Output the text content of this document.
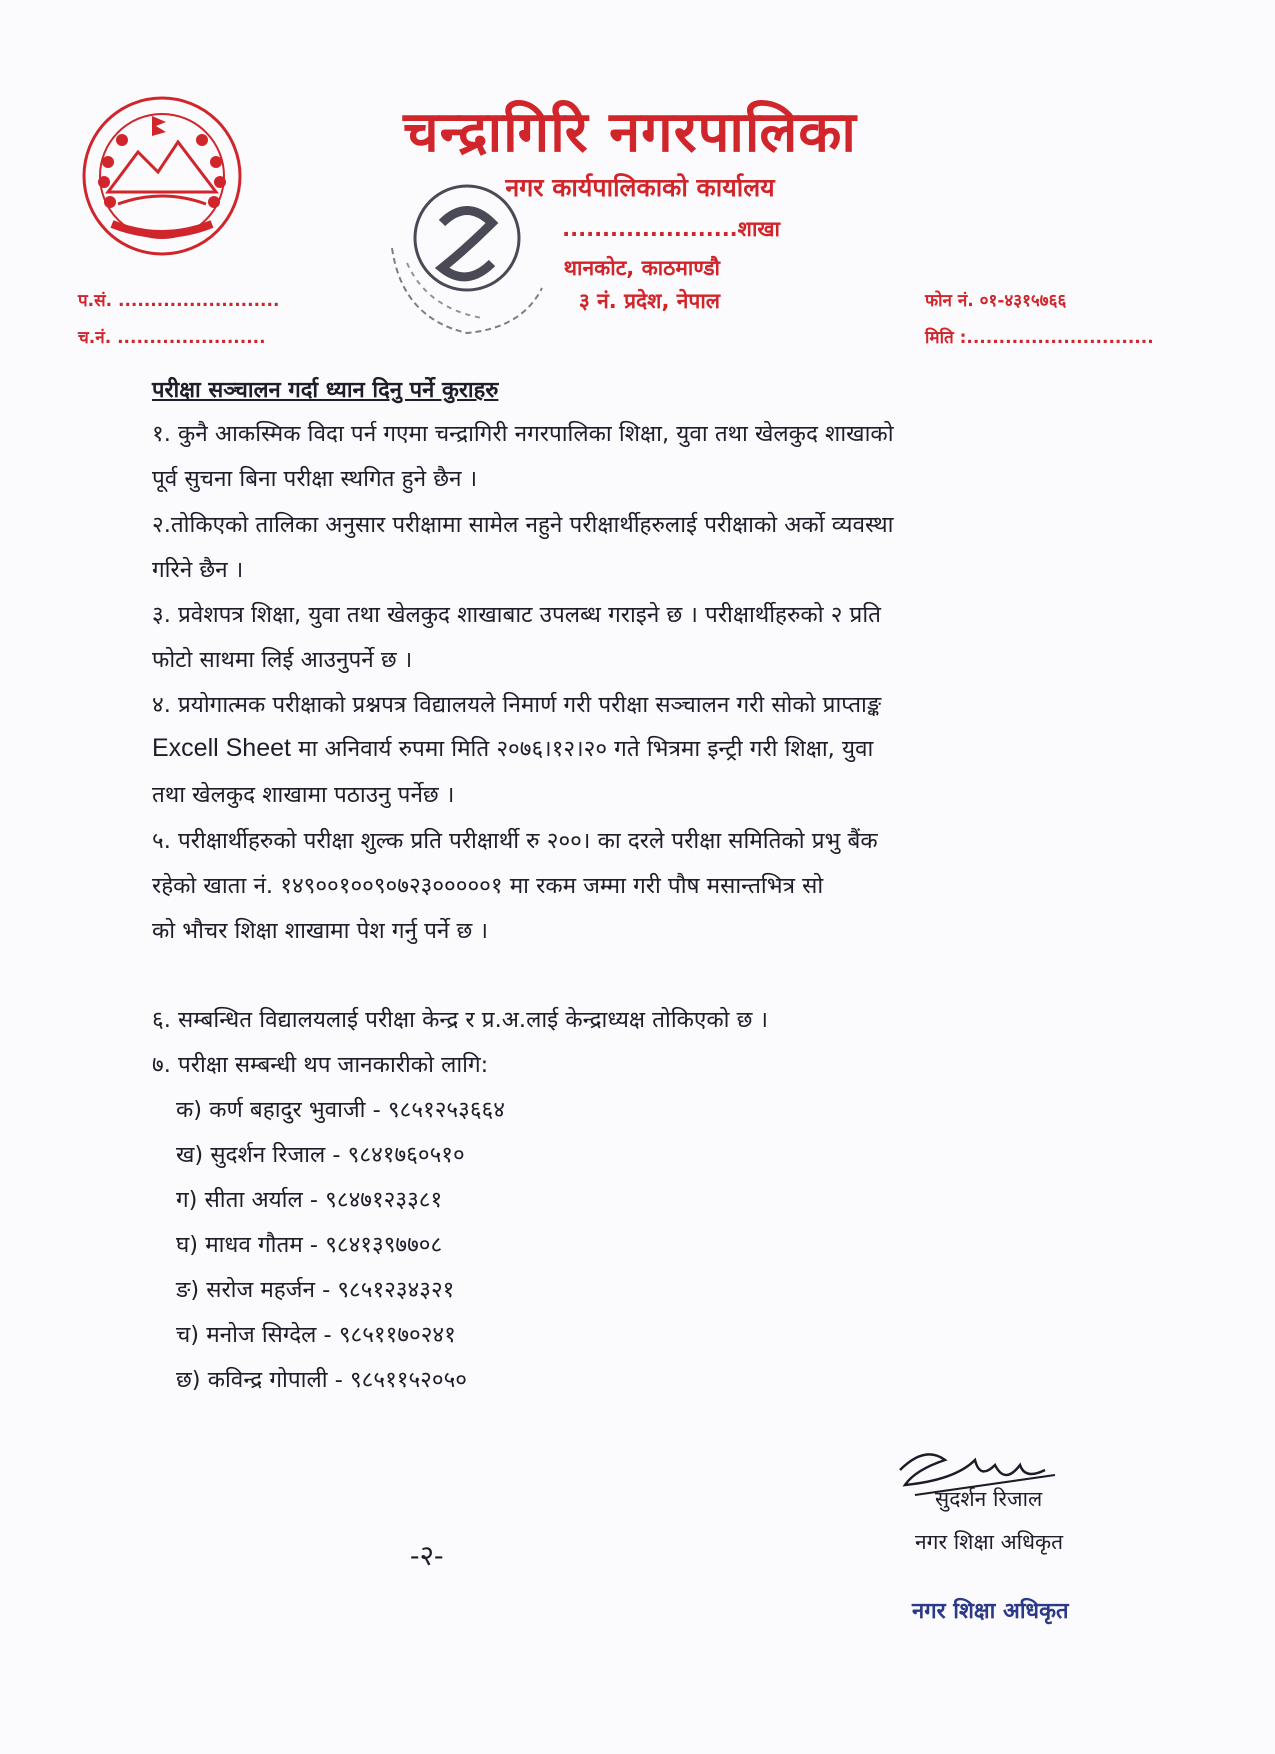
चन्द्रागिरि नगरपालिका
नगर कार्यपालिकाको कार्यालय
......................शाखा
थानकोट, काठमाण्डौ
३ नं. प्रदेश, नेपाल
प.सं. .........................
च.नं. .......................
फोन नं. ०१-४३१५७६६
मिति :.............................
परीक्षा सञ्चालन गर्दा ध्यान दिनु पर्ने कुराहरु
१. कुनै आकस्मिक विदा पर्न गएमा चन्द्रागिरी नगरपालिका शिक्षा, युवा तथा खेलकुद शाखाको
पूर्व सुचना बिना परीक्षा स्थगित हुने छैन ।
२.तोकिएको तालिका अनुसार परीक्षामा सामेल नहुने परीक्षार्थीहरुलाई परीक्षाको अर्को व्यवस्था
गरिने छैन ।
३. प्रवेशपत्र शिक्षा, युवा तथा खेलकुद शाखाबाट उपलब्ध गराइने छ । परीक्षार्थीहरुको २ प्रति
फोटो साथमा लिई आउनुपर्ने छ ।
४. प्रयोगात्मक परीक्षाको प्रश्नपत्र विद्यालयले निमार्ण गरी परीक्षा सञ्चालन गरी सोको प्राप्ताङ्क
Excell Sheet मा अनिवार्य रुपमा मिति २०७६।१२।२० गते भित्रमा इन्ट्री गरी शिक्षा, युवा
तथा खेलकुद शाखामा पठाउनु पर्नेछ ।
५. परीक्षार्थीहरुको परीक्षा शुल्क प्रति परीक्षार्थी रु २००। का दरले परीक्षा समितिको प्रभु बैंक
रहेको खाता नं. १४९००१००९०७२३०००००१ मा रकम जम्मा गरी पौष मसान्तभित्र सो
को भौचर शिक्षा शाखामा पेश गर्नु पर्ने छ ।
६. सम्बन्धित विद्यालयलाई परीक्षा केन्द्र र प्र.अ.लाई केन्द्राध्यक्ष तोकिएको छ ।
७. परीक्षा सम्बन्धी थप जानकारीको लागि:
क) कर्ण बहादुर भुवाजी - ९८५१२५३६६४
ख) सुदर्शन रिजाल - ९८४१७६०५१०
ग) सीता अर्याल - ९८४७१२३३८१
घ) माधव गौतम - ९८४१३९७७०८
ङ) सरोज महर्जन - ९८५१२३४३२१
च) मनोज सिग्देल - ९८५११७०२४१
छ) कविन्द्र गोपाली - ९८५११५२०५०
-२-
सुदर्शन रिजाल
नगर शिक्षा अधिकृत
नगर शिक्षा अधिकृत
